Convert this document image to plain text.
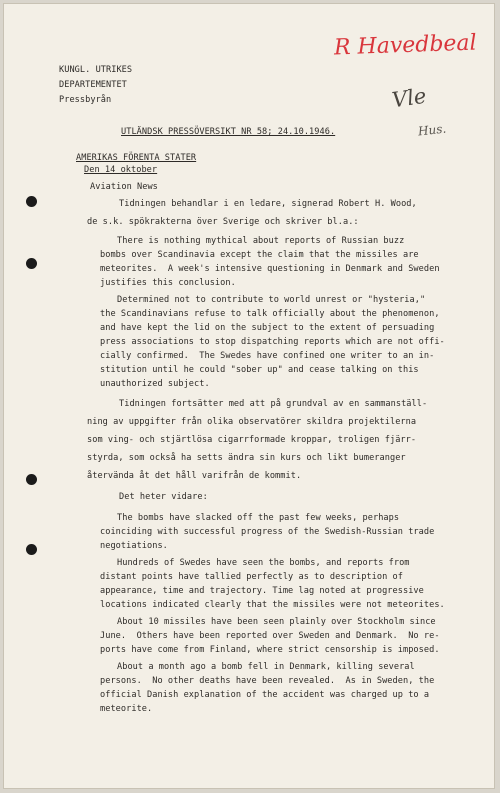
KUNGL. UTRIKES
DEPARTEMENTET
Pressbyrån
R Havedbeal
Vle
Hus.
UTLÄNDSK PRESSÖVERSIKT NR 58; 24.10.1946.
AMERIKAS FÖRENTA STATER
Den 14 oktober
Aviation News
Tidningen behandlar i en ledare, signerad Robert H. Wood,
de s.k. spökrakterna över Sverige och skriver bl.a.:
There is nothing mythical about reports of Russian buzz
bombs over Scandinavia except the claim that the missiles are
meteorites.  A week's intensive questioning in Denmark and Sweden
justifies this conclusion.
Determined not to contribute to world unrest or "hysteria,"
the Scandinavians refuse to talk officially about the phenomenon,
and have kept the lid on the subject to the extent of persuading
press associations to stop dispatching reports which are not offi-
cially confirmed.  The Swedes have confined one writer to an in-
stitution until he could "sober up" and cease talking on this
unauthorized subject.
Tidningen fortsätter med att på grundval av en sammanställ-
ning av uppgifter från olika observatörer skildra projektilerna
som ving- och stjärtlösa cigarrformade kroppar, troligen fjärr-
styrda, som också ha setts ändra sin kurs och likt bumeranger
återvända åt det håll varifrån de kommit.
Det heter vidare:
The bombs have slacked off the past few weeks, perhaps
coinciding with successful progress of the Swedish-Russian trade
negotiations.
Hundreds of Swedes have seen the bombs, and reports from
distant points have tallied perfectly as to description of
appearance, time and trajectory. Time lag noted at progressive
locations indicated clearly that the missiles were not meteorites.
About 10 missiles have been seen plainly over Stockholm since
June.  Others have been reported over Sweden and Denmark.  No re-
ports have come from Finland, where strict censorship is imposed.
About a month ago a bomb fell in Denmark, killing several
persons.  No other deaths have been revealed.  As in Sweden, the
official Danish explanation of the accident was charged up to a
meteorite.
